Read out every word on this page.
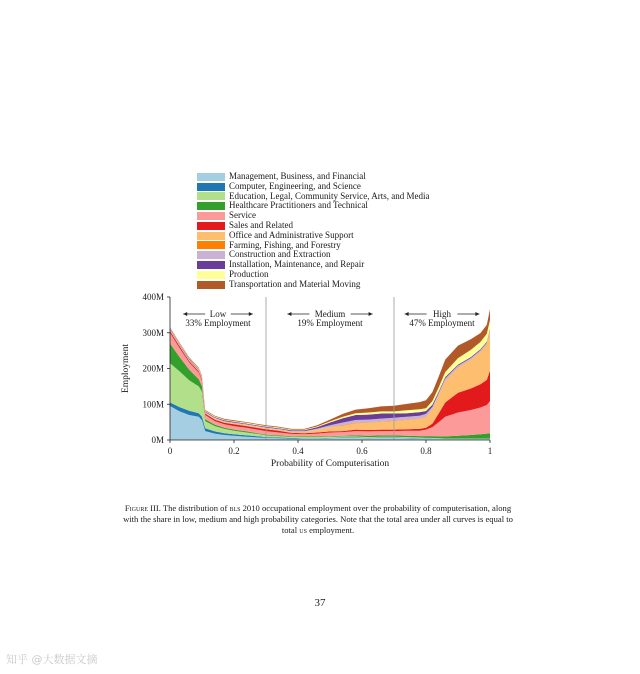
Management, Business, and Financial
Computer, Engineering, and Science
Education, Legal, Community Service, Arts, and Media
Healthcare Practitioners and Technical
Service
Sales and Related
Office and Administrative Support
Farming, Fishing, and Forestry
Construction and Extraction
Installation, Maintenance, and Repair
Production
Transportation and Material Moving
0M
100M
200M
300M
400M
0	0.2	0.4	0.6	0.8	1
Probability of Computerisation
Employment
Low
33% Employment
Medium
19% Employment
High
47% Employment
Figure III. The distribution of bls 2010 occupational employment over the probability of computerisation, along with the share in low, medium and high probability categories. Note that the total area under all curves is equal to total us employment.
37
知乎 @大数据文摘
